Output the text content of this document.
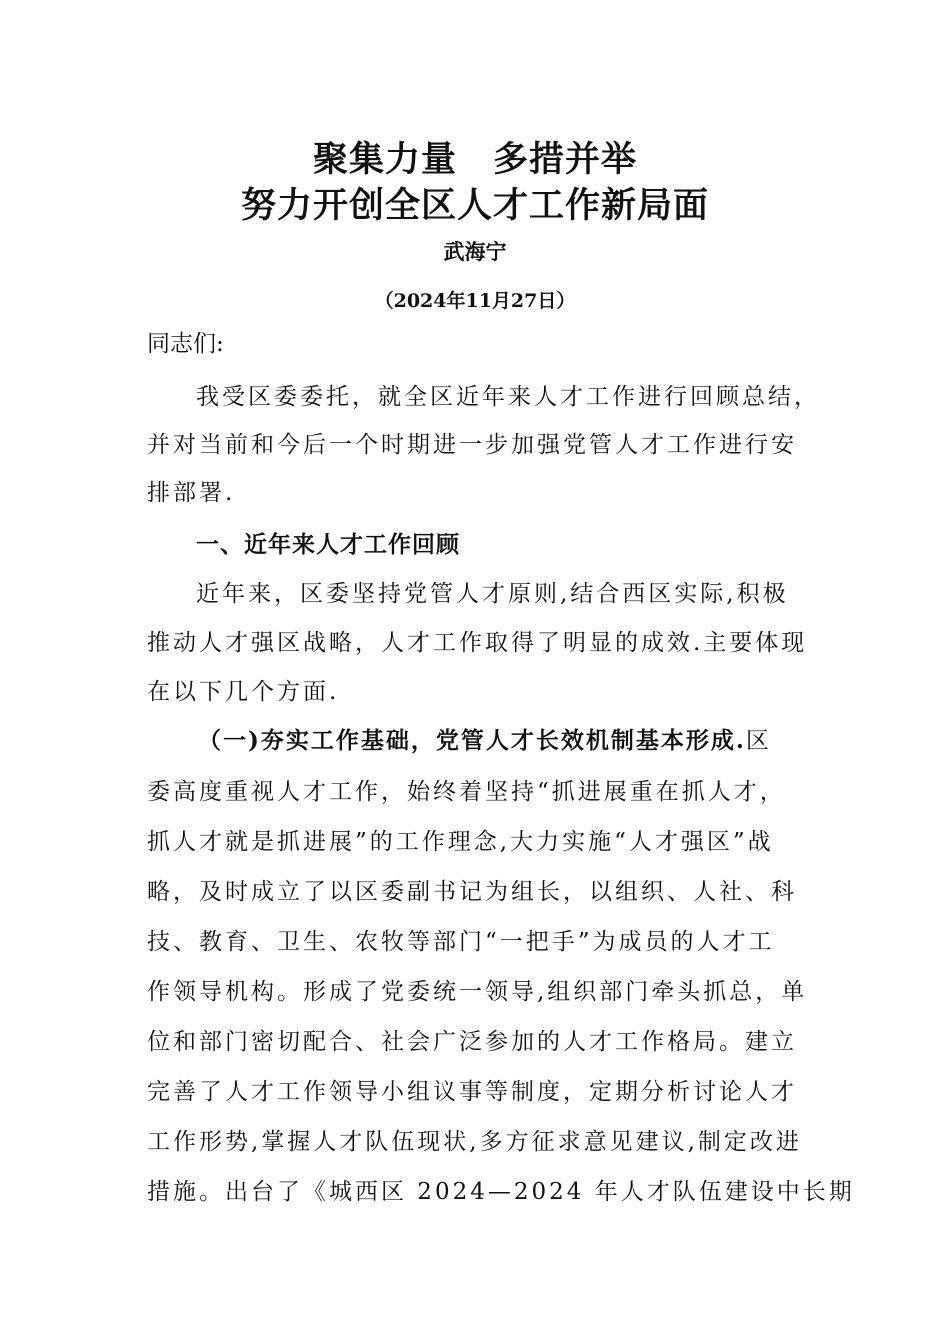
聚集力量　多措并举
努力开创全区人才工作新局面
武海宁
（2024年11月27日）
同志们:
我受区委委托，就全区近年来人才工作进行回顾总结，
并对当前和今后一个时期进一步加强党管人才工作进行安
排部署.
一、近年来人才工作回顾
近年来，区委坚持党管人才原则,结合西区实际,积极
推动人才强区战略，人才工作取得了明显的成效.主要体现
在以下几个方面.
（一)夯实工作基础，党管人才长效机制基本形成.区
委高度重视人才工作，始终着坚持“抓进展重在抓人才，
抓人才就是抓进展”的工作理念,大力实施“人才强区”战
略，及时成立了以区委副书记为组长，以组织、人社、科
技、教育、卫生、农牧等部门“一把手”为成员的人才工
作领导机构。形成了党委统一领导,组织部门牵头抓总，单
位和部门密切配合、社会广泛参加的人才工作格局。建立
完善了人才工作领导小组议事等制度，定期分析讨论人才
工作形势,掌握人才队伍现状,多方征求意见建议,制定改进
措施。出台了《城西区 2024—2024 年人才队伍建设中长期
